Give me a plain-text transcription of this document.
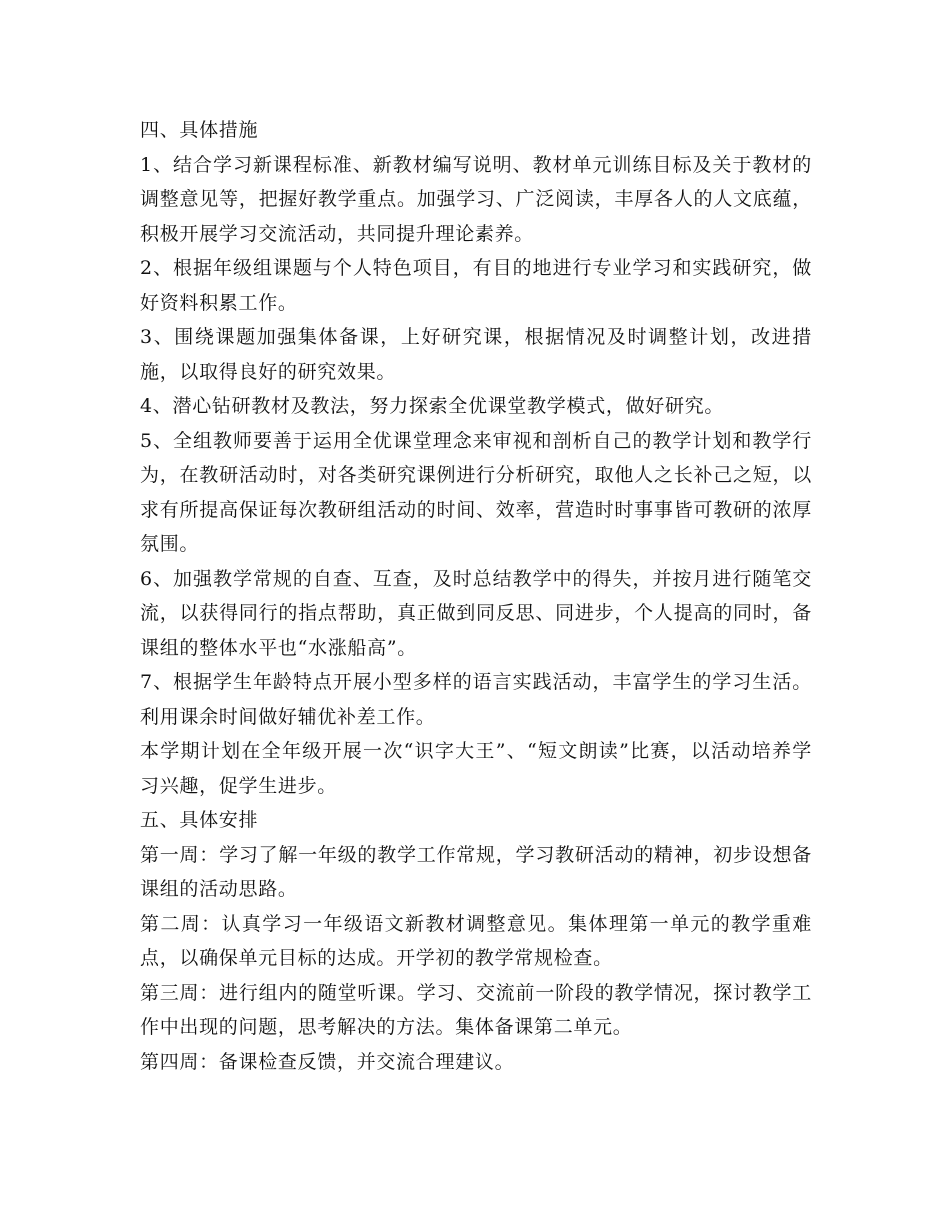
四、具体措施

1、结合学习新课程标准、新教材编写说明、教材单元训练目标及关于教材的调整意见等，把握好教学重点。加强学习、广泛阅读，丰厚各人的人文底蕴，积极开展学习交流活动，共同提升理论素养。

2、根据年级组课题与个人特色项目，有目的地进行专业学习和实践研究，做好资料积累工作。

3、围绕课题加强集体备课，上好研究课，根据情况及时调整计划，改进措施，以取得良好的研究效果。

4、潜心钻研教材及教法，努力探索全优课堂教学模式，做好研究。

5、全组教师要善于运用全优课堂理念来审视和剖析自己的教学计划和教学行为，在教研活动时，对各类研究课例进行分析研究，取他人之长补己之短，以求有所提高保证每次教研组活动的时间、效率，营造时时事事皆可教研的浓厚氛围。

6、加强教学常规的自查、互查，及时总结教学中的得失，并按月进行随笔交流，以获得同行的指点帮助，真正做到同反思、同进步，个人提高的同时，备课组的整体水平也“水涨船高”。

7、根据学生年龄特点开展小型多样的语言实践活动，丰富学生的学习生活。利用课余时间做好辅优补差工作。

本学期计划在全年级开展一次“识字大王”、“短文朗读”比赛，以活动培养学习兴趣，促学生进步。

五、具体安排

第一周：学习了解一年级的教学工作常规，学习教研活动的精神，初步设想备课组的活动思路。

第二周：认真学习一年级语文新教材调整意见。集体理第一单元的教学重难点，以确保单元目标的达成。开学初的教学常规检查。

第三周：进行组内的随堂听课。学习、交流前一阶段的教学情况，探讨教学工作中出现的问题，思考解决的方法。集体备课第二单元。

第四周：备课检查反馈，并交流合理建议。
